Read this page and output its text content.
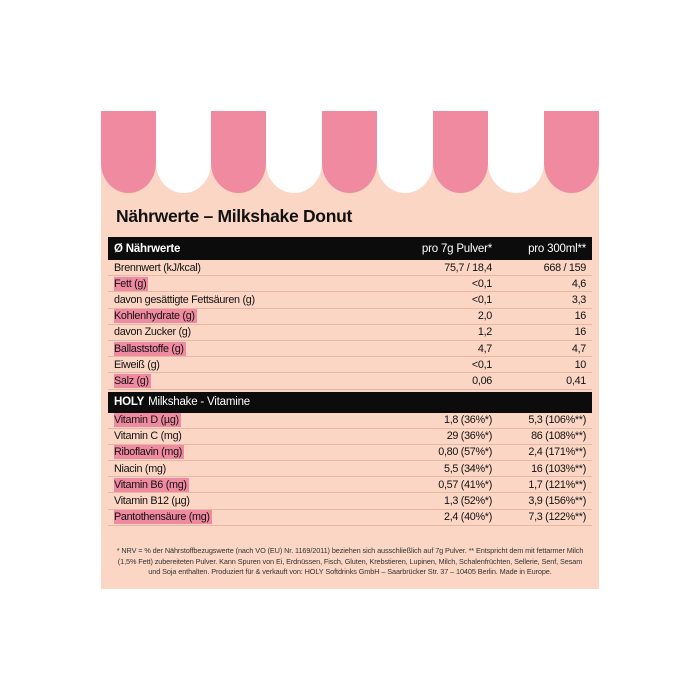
Nährwerte – Milkshake Donut
Ø Nährwerte	pro 7g Pulver*	pro 300ml**
Brennwert (kJ/kcal)	75,7 / 18,4	668 / 159
Fett (g)	<0,1	4,6
davon gesättigte Fettsäuren (g)	<0,1	3,3
Kohlenhydrate (g)	2,0	16
davon Zucker (g)	1,2	16
Ballaststoffe (g)	4,7	4,7
Eiweiß (g)	<0,1	10
Salz (g)	0,06	0,41
HOLY Milkshake - Vitamine
Vitamin D (µg)	1,8 (36%*)	5,3 (106%**)
Vitamin C (mg)	29 (36%*)	86 (108%**)
Riboflavin (mg)	0,80 (57%*)	2,4 (171%**)
Niacin (mg)	5,5 (34%*)	16 (103%**)
Vitamin B6 (mg)	0,57 (41%*)	1,7 (121%**)
Vitamin B12 (µg)	1,3 (52%*)	3,9 (156%**)
Pantothensäure (mg)	2,4 (40%*)	7,3 (122%**)
* NRV = % der Nährstoffbezugswerte (nach VO (EU) Nr. 1169/2011) beziehen sich ausschließlich auf 7g Pulver. ** Entspricht dem mit fettarmer Milch (1,5% Fett) zubereiteten Pulver. Kann Spuren von Ei, Erdnüssen, Fisch, Gluten, Krebstieren, Lupinen, Milch, Schalenfrüchten, Sellerie, Senf, Sesam und Soja enthalten. Produziert für & verkauft von: HOLY Softdrinks GmbH – Saarbrücker Str. 37 – 10405 Berlin. Made in Europe.
